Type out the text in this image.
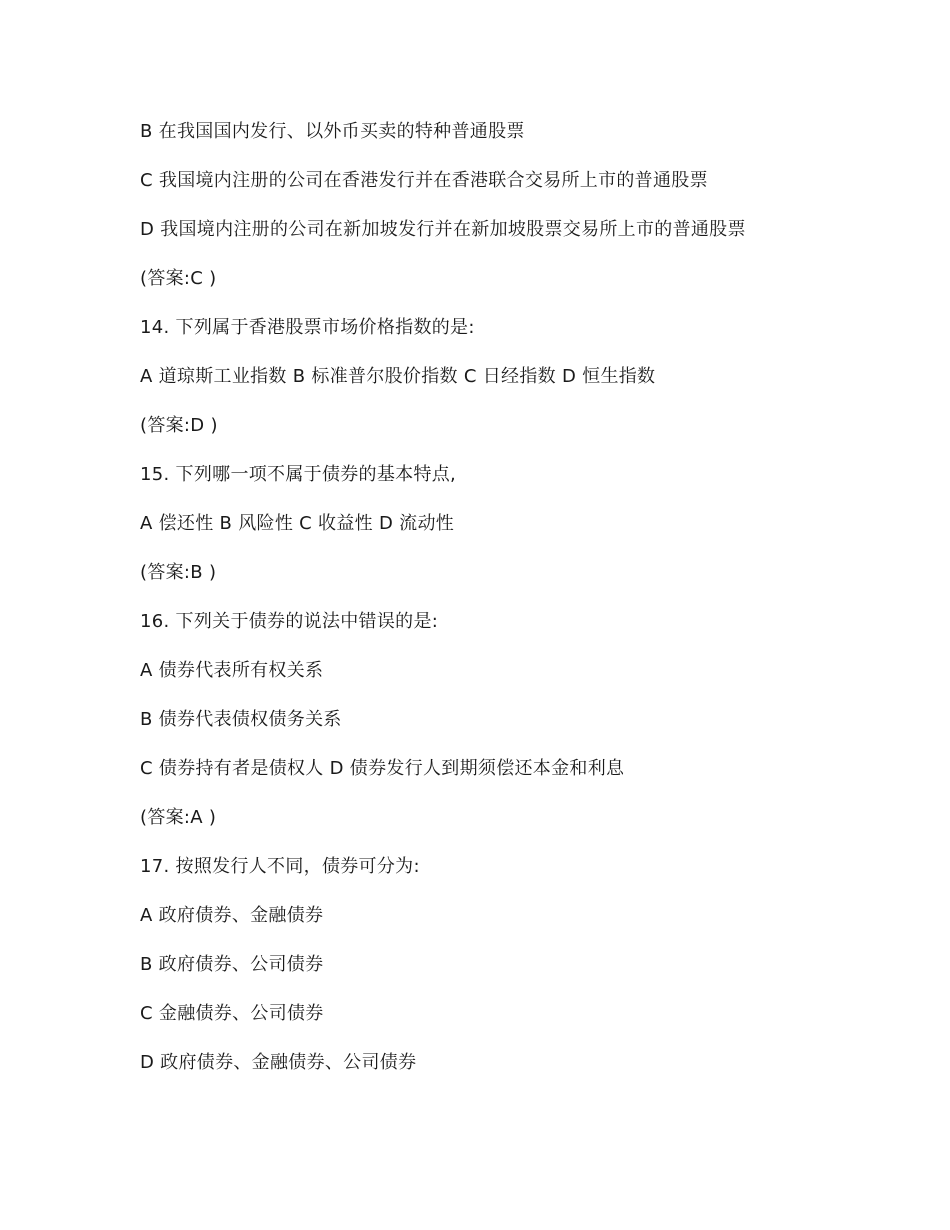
B 在我国国内发行、以外币买卖的特种普通股票

C 我国境内注册的公司在香港发行并在香港联合交易所上市的普通股票

D 我国境内注册的公司在新加坡发行并在新加坡股票交易所上市的普通股票

(答案:C )

14. 下列属于香港股票市场价格指数的是:

A 道琼斯工业指数 B 标准普尔股价指数 C 日经指数 D 恒生指数

(答案:D )

15. 下列哪一项不属于债券的基本特点,

A 偿还性 B 风险性 C 收益性 D 流动性

(答案:B )

16. 下列关于债券的说法中错误的是:

A 债券代表所有权关系

B 债券代表债权债务关系

C 债券持有者是债权人 D 债券发行人到期须偿还本金和利息

(答案:A )

17. 按照发行人不同，债券可分为:

A 政府债券、金融债券

B 政府债券、公司债券

C 金融债券、公司债券

D 政府债券、金融债券、公司债券
